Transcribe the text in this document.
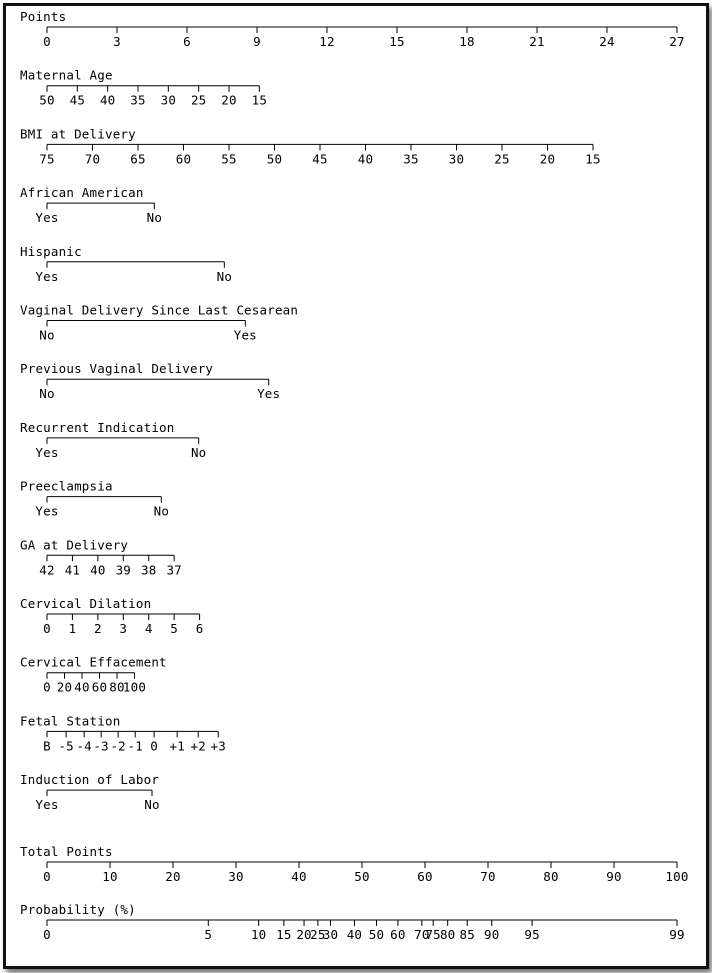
Points
0	3	6	9	12	15	18	21	24	27
Maternal Age
50 45 40 35 30 25 20 15
BMI at Delivery
75 70 65 60 55 50 45 40 35 30 25 20 15
African American
Yes	No
Hispanic
Yes	No
Vaginal Delivery Since Last Cesarean
No	Yes
Previous Vaginal Delivery
No	Yes
Recurrent Indication
Yes	No
Preeclampsia
Yes	No
GA at Delivery
42 41 40 39 38 37
Cervical Dilation
0 1 2 3 4 5 6
Cervical Effacement
0 20 40 60 80
100
Fetal Station
B -5 -4 -3 -2 -1 0 +1 +2 +3
Induction of Labor
Yes	No
Total Points
0	10	20	30	40	50	60	70	80	90	100
Probability (%)
0	5	10 15 20
25
30 40 50 60 70
75 80 85 90 95	99
